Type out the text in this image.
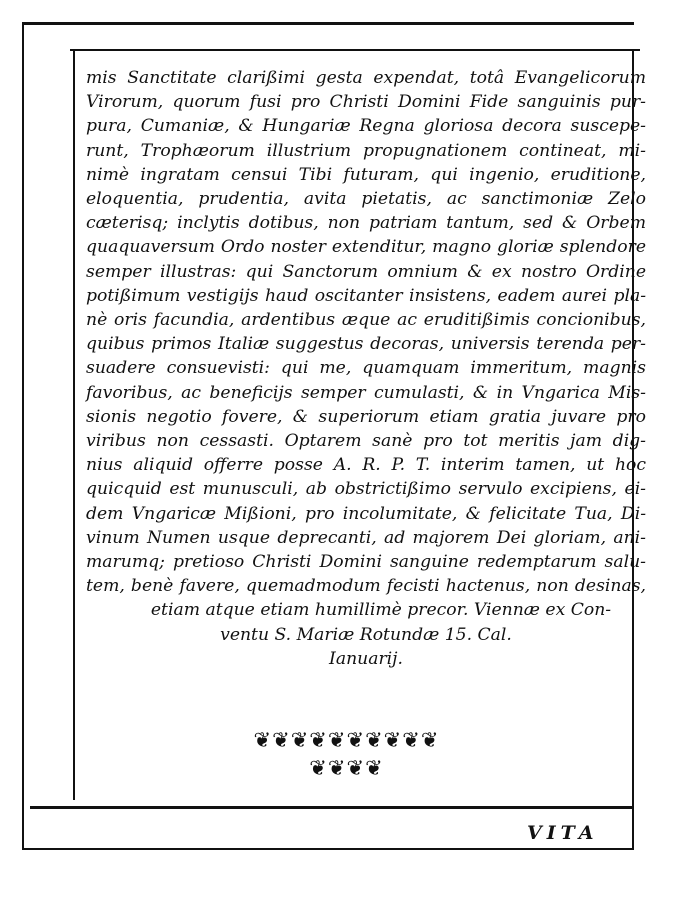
mis Sanctitate clarißimi gesta expendat, totâ Evangelicorum
Virorum, quorum fusi pro Christi Domini Fide sanguinis pur-
pura, Cumaniæ, & Hungariæ Regna gloriosa decora suscepe-
runt, Trophæorum illustrium propugnationem contineat, mi-
nimè ingratam censui Tibi futuram, qui ingenio, eruditione,
eloquentia, prudentia, avita pietatis, ac sanctimoniæ Zelo
cæterisq; inclytis dotibus, non patriam tantum, sed & Orbem
quaquaversum Ordo noster extenditur, magno gloriæ splendore
semper illustras: qui Sanctorum omnium & ex nostro Ordine
potißimum vestigijs haud oscitanter insistens, eadem aurei pla-
nè oris facundia, ardentibus æque ac eruditißimis concionibus,
quibus primos Italiæ suggestus decoras, universis terenda per-
suadere consuevisti: qui me, quamquam immeritum, magnis
favoribus, ac beneficijs semper cumulasti, & in Vngarica Mis-
sionis negotio fovere, & superiorum etiam gratia juvare pro
viribus non cessasti. Optarem sanè pro tot meritis jam dig-
nius aliquid offerre posse A. R. P. T. interim tamen, ut hoc
quicquid est munusculi, ab obstrictißimo servulo excipiens, ei-
dem Vngaricæ Mißioni, pro incolumitate, & felicitate Tua, Di-
vinum Numen usque deprecanti, ad majorem Dei gloriam, ani-
marumq; pretioso Christi Domini sanguine redemptarum salu-
tem, benè favere, quemadmodum fecisti hactenus, non desinas,
etiam atque etiam humillimè precor. Viennæ ex Con-
ventu S. Mariæ Rotundæ 15. Cal.
Ianuarij.
❦❦❦❦❦❦❦❦❦❦
❦❦❦❦
VITA
